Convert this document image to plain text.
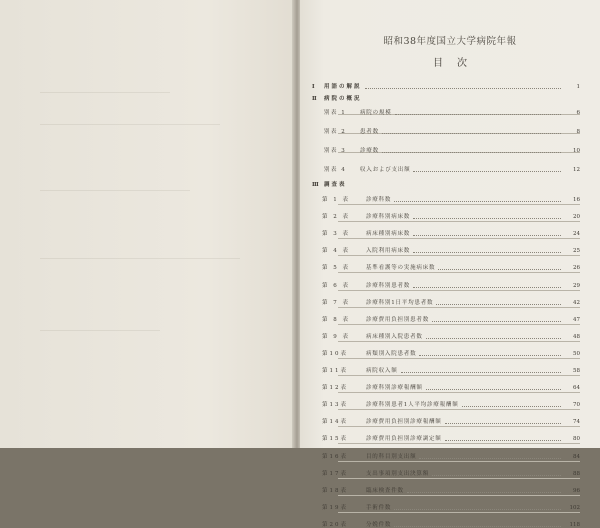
昭和38年度国立大学病院年報
目次
Ⅰ	用語の解説	1
Ⅱ	病院の概況
別表 1	病院の規模	6
別表 2	患者数	8
別表 3	診療数	10
別表 4	収入および支出額	12
Ⅲ 調査表
第 1 表	診療科数	16
第 2 表	診療科別病床数	20
第 3 表	病床種別病床数	24
第 4 表	入院利用病床数	25
第 5 表	基準看護等の実施病床数	26
第 6 表	診療科別患者数	29
第 7 表	診療科別1日平均患者数	42
第 8 表	診療費用負担別患者数	47
第 9 表	病床種別入院患者数	48
第10表	病類別入院患者数	50
第11表	病院収入額	58
第12表	診療科別診療報酬額	64
第13表	診療科別患者1人平均診療報酬額	70
第14表	診療費用負担別診療報酬額	74
第15表	診療費用負担別診療調定額	80
第16表	目的科目別支出額	84
第17表	支出事項別支出決算額	88
第18表	臨床検査件数	96
第19表	手術件数	102
第20表	分娩件数	118
